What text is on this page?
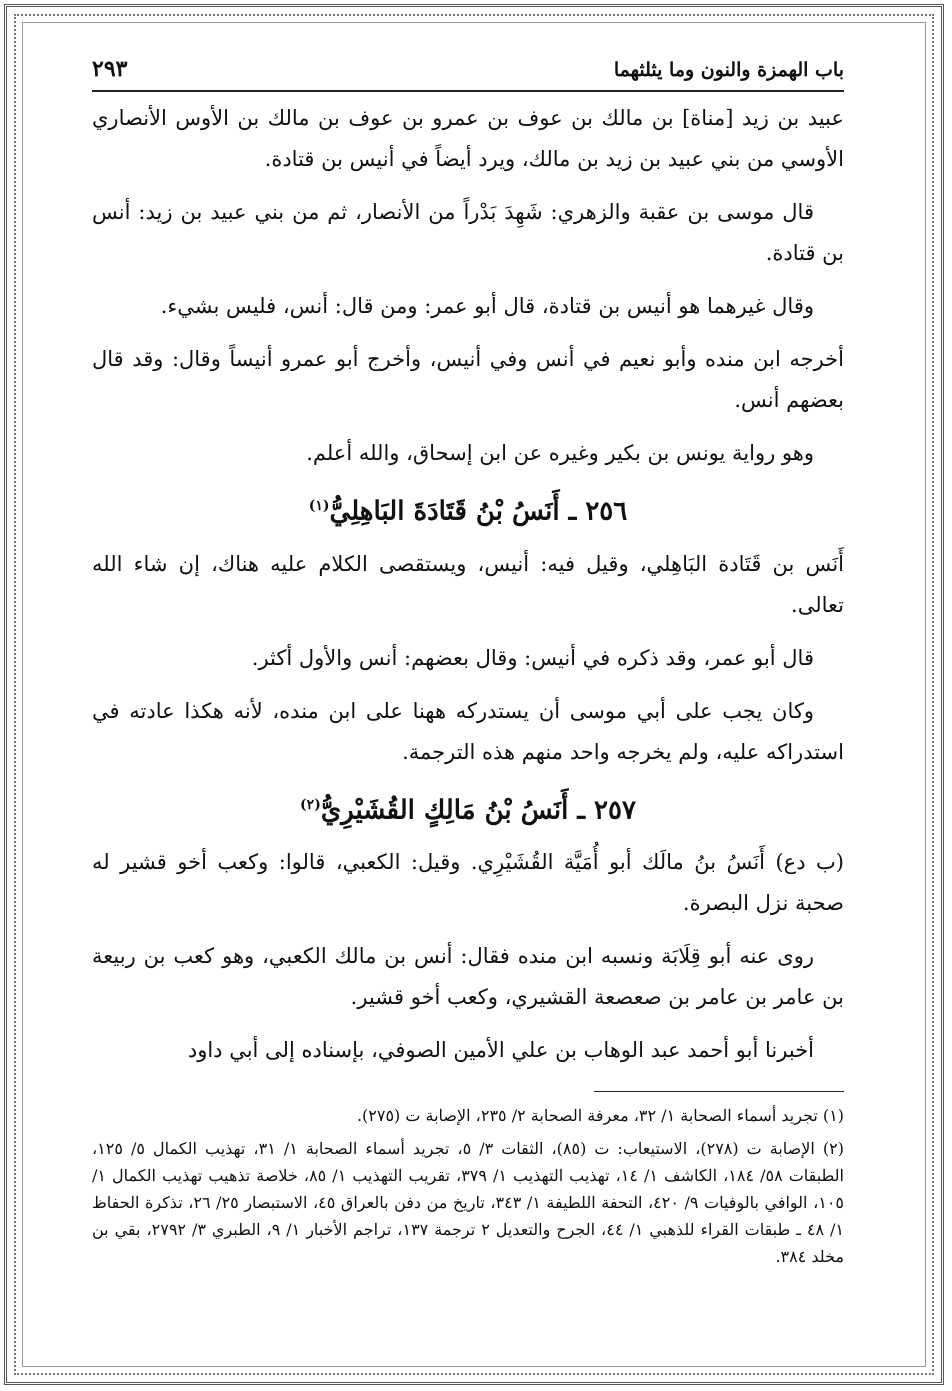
باب الهمزة والنون وما يثلثهما
٢٩٣

عبيد بن زيد [مناة] بن مالك بن عوف بن عمرو بن عوف بن مالك بن الأوس الأنصاري الأوسي من بني عبيد بن زيد بن مالك، ويرد أيضاً في أنيس بن قتادة.

قال موسى بن عقبة والزهري: شَهِدَ بَدْراً من الأنصار، ثم من بني عبيد بن زيد: أنس بن قتادة.

وقال غيرهما هو أنيس بن قتادة، قال أبو عمر: ومن قال: أنس، فليس بشيء.

أخرجه ابن منده وأبو نعيم في أنس وفي أنيس، وأخرج أبو عمرو أنيساً وقال: وقد قال بعضهم أنس.

وهو رواية يونس بن بكير وغيره عن ابن إسحاق، والله أعلم.

٢٥٦ ـ أَنَسُ بْنُ قَتَادَةَ البَاهِلِيُّ$^{(١)}$

أَنَس بن قَتَادة البَاهِلي، وقيل فيه: أنيس، ويستقصى الكلام عليه هناك، إن شاء الله تعالى.

قال أبو عمر، وقد ذكره في أنيس: وقال بعضهم: أنس والأول أكثر.

وكان يجب على أبي موسى أن يستدركه ههنا على ابن منده، لأنه هكذا عادته في استدراكه عليه، ولم يخرجه واحد منهم هذه الترجمة.

٢٥٧ ـ أَنَسُ بْنُ مَالِكٍ القُشَيْرِيُّ$^{(٢)}$

(ب دع) أَنَسُ بنُ مالَك أبو أُمَيَّة القُشَيْرِي. وقيل: الكعبي، قالوا: وكعب أخو قشير له صحبة نزل البصرة.

روى عنه أبو قِلَابَة ونسبه ابن منده فقال: أنس بن مالك الكعبي، وهو كعب بن ربيعة بن عامر بن عامر بن صعصعة القشيري، وكعب أخو قشير.

أخبرنا أبو أحمد عبد الوهاب بن علي الأمين الصوفي، بإسناده إلى أبي داود

(١) تجريد أسماء الصحابة ١/ ٣٢، معرفة الصحابة ٢/ ٢٣٥، الإصابة ت (٢٧٥).

(٢) الإصابة ت (٢٧٨)، الاستيعاب: ت (٨٥)، الثقات ٣/ ٥، تجريد أسماء الصحابة ١/ ٣١، تهذيب الكمال ٥/ ١٢٥، الطبقات ٥٨/ ١٨٤، الكاشف ١/ ١٤، تهذيب التهذيب ١/ ٣٧٩، تقريب التهذيب ١/ ٨٥، خلاصة تذهيب تهذيب الكمال ١/ ١٠٥، الوافي بالوفيات ٩/ ٤٢٠، التحفة اللطيفة ١/ ٣٤٣، تاريخ من دفن بالعراق ٤٥، الاستبصار ٢٥/ ٢٦، تذكرة الحفاظ ١/ ٤٨ ـ طبقات القراء للذهبي ١/ ٤٤، الجرح والتعديل ٢ ترجمة ١٣٧، تراجم الأخبار ١/ ٩، الطبري ٣/ ٢٧٩٢، بقي بن مخلد ٣٨٤.
